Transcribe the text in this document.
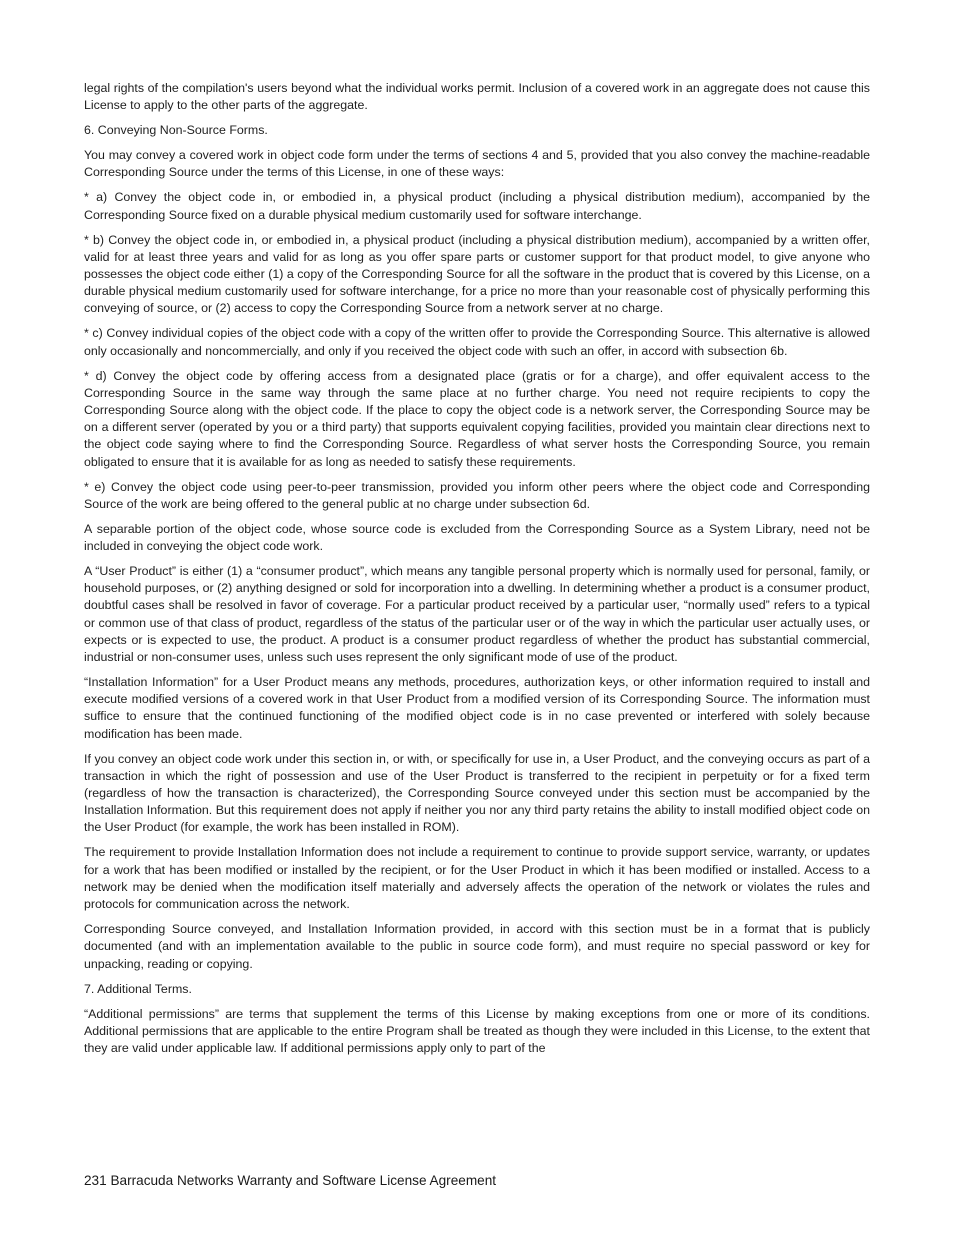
legal rights of the compilation's users beyond what the individual works permit. Inclusion of a covered work in an aggregate does not cause this License to apply to the other parts of the aggregate.

6. Conveying Non-Source Forms.

You may convey a covered work in object code form under the terms of sections 4 and 5, provided that you also convey the machine-readable Corresponding Source under the terms of this License, in one of these ways:

* a) Convey the object code in, or embodied in, a physical product (including a physical distribution medium), accompanied by the Corresponding Source fixed on a durable physical medium customarily used for software interchange.

* b) Convey the object code in, or embodied in, a physical product (including a physical distribution medium), accompanied by a written offer, valid for at least three years and valid for as long as you offer spare parts or customer support for that product model, to give anyone who possesses the object code either (1) a copy of the Corresponding Source for all the software in the product that is covered by this License, on a durable physical medium customarily used for software interchange, for a price no more than your reasonable cost of physically performing this conveying of source, or (2) access to copy the Corresponding Source from a network server at no charge.

* c) Convey individual copies of the object code with a copy of the written offer to provide the Corresponding Source. This alternative is allowed only occasionally and noncommercially, and only if you received the object code with such an offer, in accord with subsection 6b.

* d) Convey the object code by offering access from a designated place (gratis or for a charge), and offer equivalent access to the Corresponding Source in the same way through the same place at no further charge. You need not require recipients to copy the Corresponding Source along with the object code. If the place to copy the object code is a network server, the Corresponding Source may be on a different server (operated by you or a third party) that supports equivalent copying facilities, provided you maintain clear directions next to the object code saying where to find the Corresponding Source. Regardless of what server hosts the Corresponding Source, you remain obligated to ensure that it is available for as long as needed to satisfy these requirements.

* e) Convey the object code using peer-to-peer transmission, provided you inform other peers where the object code and Corresponding Source of the work are being offered to the general public at no charge under subsection 6d.

A separable portion of the object code, whose source code is excluded from the Corresponding Source as a System Library, need not be included in conveying the object code work.

A “User Product” is either (1) a “consumer product”, which means any tangible personal property which is normally used for personal, family, or household purposes, or (2) anything designed or sold for incorporation into a dwelling. In determining whether a product is a consumer product, doubtful cases shall be resolved in favor of coverage. For a particular product received by a particular user, “normally used” refers to a typical or common use of that class of product, regardless of the status of the particular user or of the way in which the particular user actually uses, or expects or is expected to use, the product. A product is a consumer product regardless of whether the product has substantial commercial, industrial or non-consumer uses, unless such uses represent the only significant mode of use of the product.

“Installation Information” for a User Product means any methods, procedures, authorization keys, or other information required to install and execute modified versions of a covered work in that User Product from a modified version of its Corresponding Source. The information must suffice to ensure that the continued functioning of the modified object code is in no case prevented or interfered with solely because modification has been made.

If you convey an object code work under this section in, or with, or specifically for use in, a User Product, and the conveying occurs as part of a transaction in which the right of possession and use of the User Product is transferred to the recipient in perpetuity or for a fixed term (regardless of how the transaction is characterized), the Corresponding Source conveyed under this section must be accompanied by the Installation Information. But this requirement does not apply if neither you nor any third party retains the ability to install modified object code on the User Product (for example, the work has been installed in ROM).

The requirement to provide Installation Information does not include a requirement to continue to provide support service, warranty, or updates for a work that has been modified or installed by the recipient, or for the User Product in which it has been modified or installed. Access to a network may be denied when the modification itself materially and adversely affects the operation of the network or violates the rules and protocols for communication across the network.

Corresponding Source conveyed, and Installation Information provided, in accord with this section must be in a format that is publicly documented (and with an implementation available to the public in source code form), and must require no special password or key for unpacking, reading or copying.

7. Additional Terms.

“Additional permissions” are terms that supplement the terms of this License by making exceptions from one or more of its conditions. Additional permissions that are applicable to the entire Program shall be treated as though they were included in this License, to the extent that they are valid under applicable law. If additional permissions apply only to part of the

231 Barracuda Networks Warranty and Software License Agreement
